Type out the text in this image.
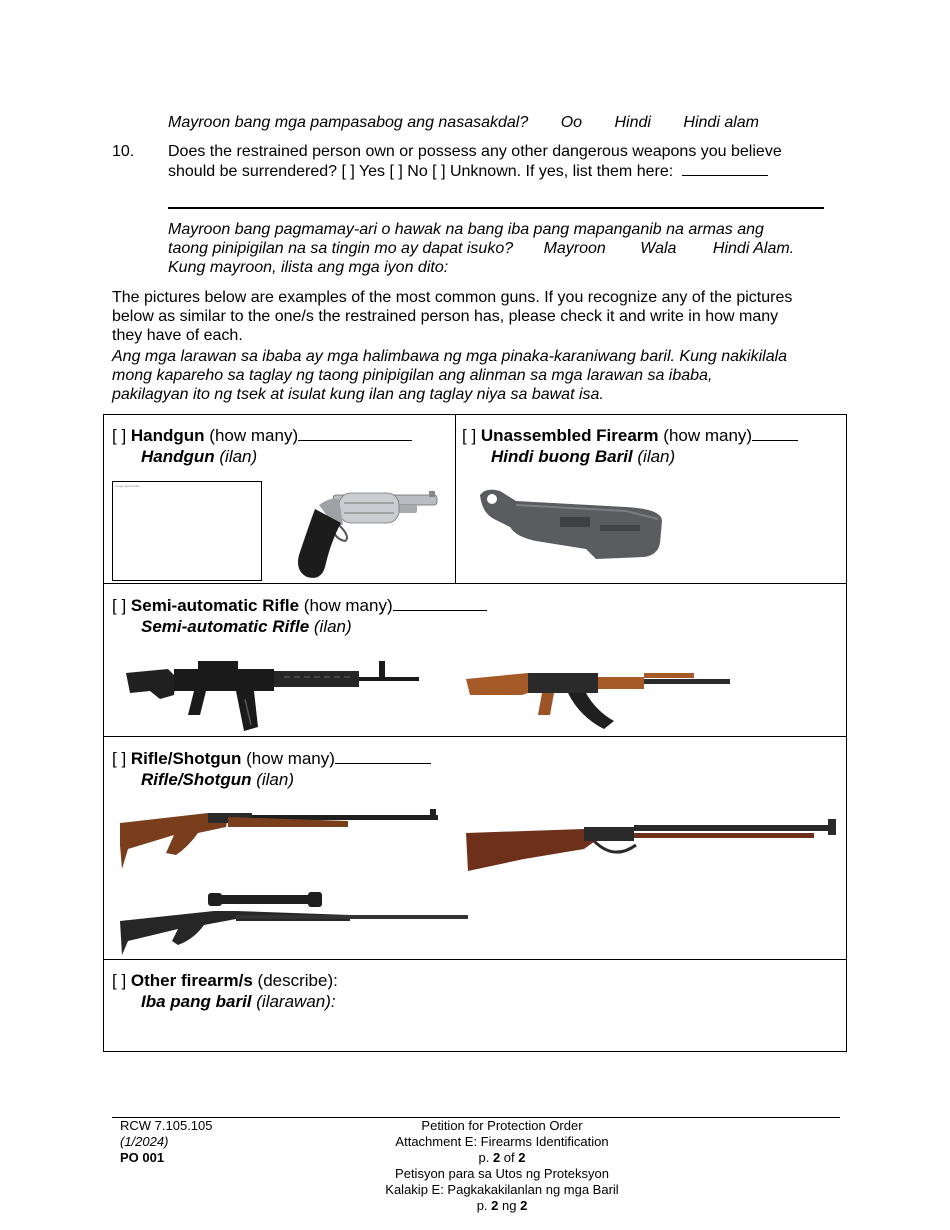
Mayroon bang mga pampasabog ang nasasakdal? Oo Hindi Hindi alam
10. Does the restrained person own or possess any other dangerous weapons you believe
should be surrendered? [ ] Yes [ ] No [ ] Unknown. If yes, list them here:
Mayroon bang pagmamay-ari o hawak na bang iba pang mapanganib na armas ang
taong pinipigilan na sa tingin mo ay dapat isuko? Mayroon Wala Hindi Alam.
Kung mayroon, ilista ang mga iyon dito:
The pictures below are examples of the most common guns. If you recognize any of the pictures
below as similar to the one/s the restrained person has, please check it and write in how many
they have of each.
Ang mga larawan sa ibaba ay mga halimbawa ng mga pinaka-karaniwang baril. Kung nakikilala
mong kapareho sa taglay ng taong pinipigilan ang alinman sa mga larawan sa ibaba,
pakilagyan ito ng tsek at isulat kung ilan ang taglay niya sa bawat isa.
[ ] Handgun (how many)
Handgun (ilan)
image placeholder
[ ] Unassembled Firearm (how many)
Hindi buong Baril (ilan)
[ ] Semi-automatic Rifle (how many)
Semi-automatic Rifle (ilan)
[ ] Rifle/Shotgun (how many)
Rifle/Shotgun (ilan)
[ ] Other firearm/s (describe):
Iba pang baril (ilarawan):
RCW 7.105.105
(1/2024)
PO 001
Petition for Protection Order
Attachment E: Firearms Identification
p. 2 of 2
Petisyon para sa Utos ng Proteksyon
Kalakip E: Pagkakakilanlan ng mga Baril
p. 2 ng 2
